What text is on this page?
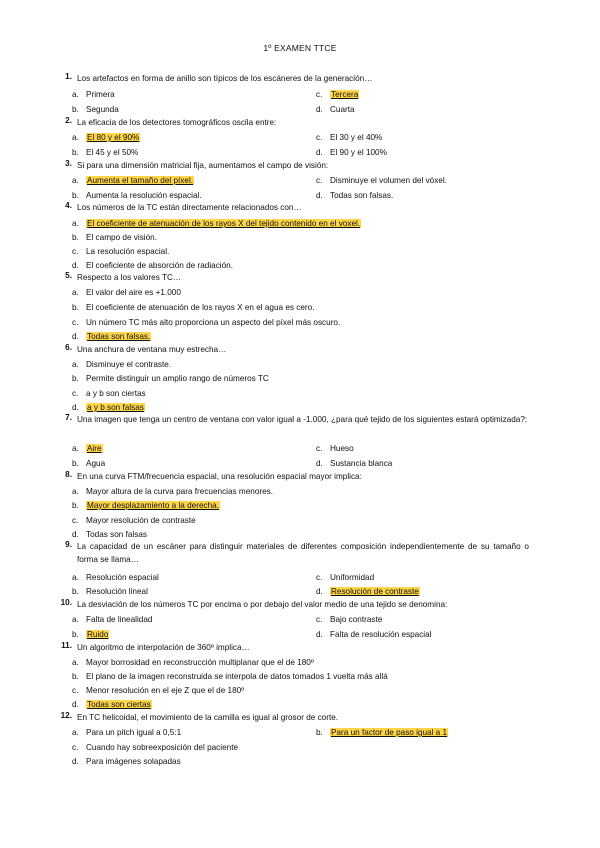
1º EXAMEN TTCE
1. Los artefactos en forma de anillo son típicos de los escáneres de la generación…
a. Primera	c. Tercera
b. Segunda	d. Cuarta
2. La eficacia de los detectores tomográficos oscila entre:
a. El 80 y el 90%	c. El 30 y el 40%
b. El 45 y el 50%	d. El 90 y el 100%
3. Si para una dimensión matricial fija, aumentamos el campo de visión:
a. Aumenta el tamaño del píxel.	c. Disminuye el volumen del vóxel.
b. Aumenta la resolución espacial.	d. Todas son falsas.
4. Los números de la TC están directamente relacionados con…
a. El coeficiente de atenuación de los rayos X del tejido contenido en el voxel.
b. El campo de visión.
c. La resolución espacial.
d. El coeficiente de absorción de radiación.
5. Respecto a los valores TC…
a. El valor del aire es +1.000
b. El coeficiente de atenuación de los rayos X en el agua es cero.
c. Un número TC más alto proporciona un aspecto del píxel más oscuro.
d. Todas son falsas.
6. Una anchura de ventana muy estrecha…
a. Disminuye el contraste.
b. Permite distinguir un amplio rango de números TC
c. a y b son ciertas
d. a y b son falsas
7. Una imagen que tenga un centro de ventana con valor igual a -1.000, ¿para qué tejido de los siguientes estará optimizada?:
a. Aire	c. Hueso
b. Agua	d. Sustancia blanca
8. En una curva FTM/frecuencia espacial, una resolución espacial mayor implica:
a. Mayor altura de la curva para frecuencias menores.
b. Mayor desplazamiento a la derecha.
c. Mayor resolución de contraste
d. Todas son falsas
9. La capacidad de un escáner para distinguir materiales de diferentes composición independientemente de su tamaño o forma se llama…
a. Resolución espacial	c. Uniformidad
b. Resolución lineal	d. Resolución de contraste
10. La desviación de los números TC por encima o por debajo del valor medio de una tejido se denomina:
a. Falta de linealidad	c. Bajo contraste
b. Ruido	d. Falta de resolución espacial
11. Un algoritmo de interpolación de 360º implica…
a. Mayor borrosidad en reconstrucción multiplanar que el de 180º
b. El plano de la imagen reconstruida se interpola de datos tomados 1 vuelta más allá
c. Menor resolución en el eje Z que el de 180º
d. Todas son ciertas
12. En TC helicoidal, el movimiento de la camilla es igual al grosor de corte.
a. Para un pitch igual a 0,5:1	b. Para un factor de paso igual a 1
c. Cuando hay sobreexposición del paciente
d. Para imágenes solapadas
